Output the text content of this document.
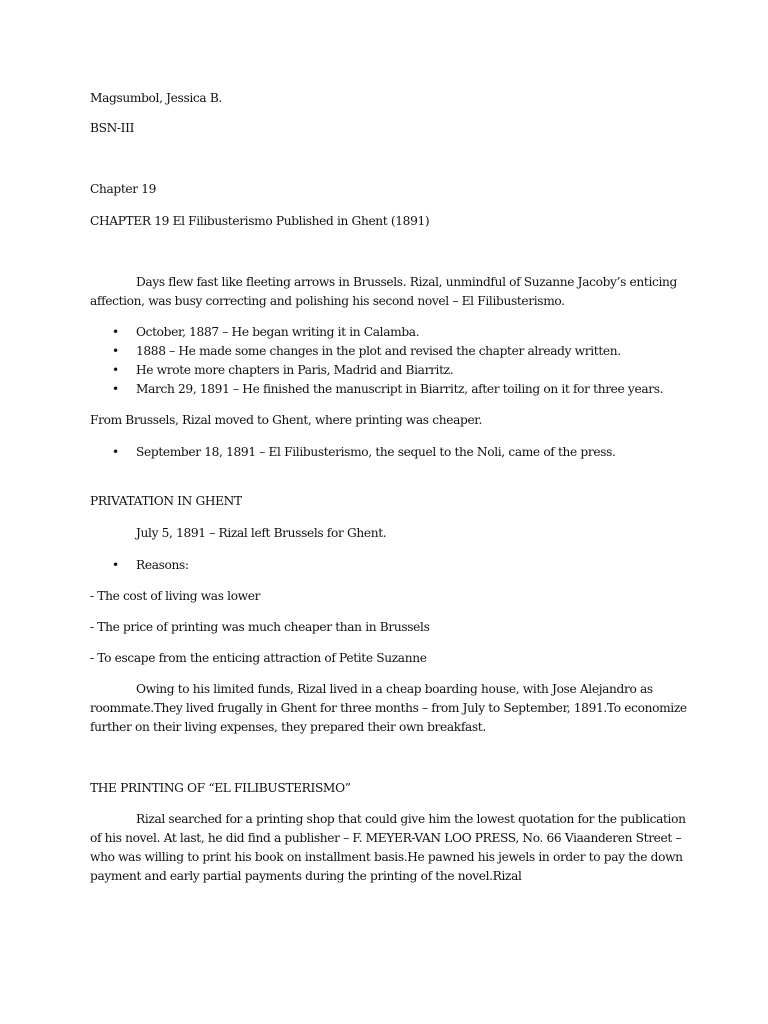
Magsumbol, Jessica B.

BSN-III

Chapter 19

CHAPTER 19 El Filibusterismo Published in Ghent (1891)

Days flew fast like fleeting arrows in Brussels. Rizal, unmindful of Suzanne Jacoby’s enticing affection, was busy correcting and polishing his second novel – El Filibusterismo.

• October, 1887 – He began writing it in Calamba.
• 1888 – He made some changes in the plot and revised the chapter already written.
• He wrote more chapters in Paris, Madrid and Biarritz.
• March 29, 1891 – He finished the manuscript in Biarritz, after toiling on it for three years.

From Brussels, Rizal moved to Ghent, where printing was cheaper.

• September 18, 1891 – El Filibusterismo, the sequel to the Noli, came of the press.

PRIVATATION IN GHENT

July 5, 1891 – Rizal left Brussels for Ghent.

• Reasons:

- The cost of living was lower

- The price of printing was much cheaper than in Brussels

- To escape from the enticing attraction of Petite Suzanne

Owing to his limited funds, Rizal lived in a cheap boarding house, with Jose Alejandro as roommate.They lived frugally in Ghent for three months – from July to September, 1891.To economize further on their living expenses, they prepared their own breakfast.

THE PRINTING OF “EL FILIBUSTERISMO”

Rizal searched for a printing shop that could give him the lowest quotation for the publication of his novel. At last, he did find a publisher – F. MEYER-VAN LOO PRESS, No. 66 Viaanderen Street – who was willing to print his book on installment basis.He pawned his jewels in order to pay the down payment and early partial payments during the printing of the novel.Rizal
